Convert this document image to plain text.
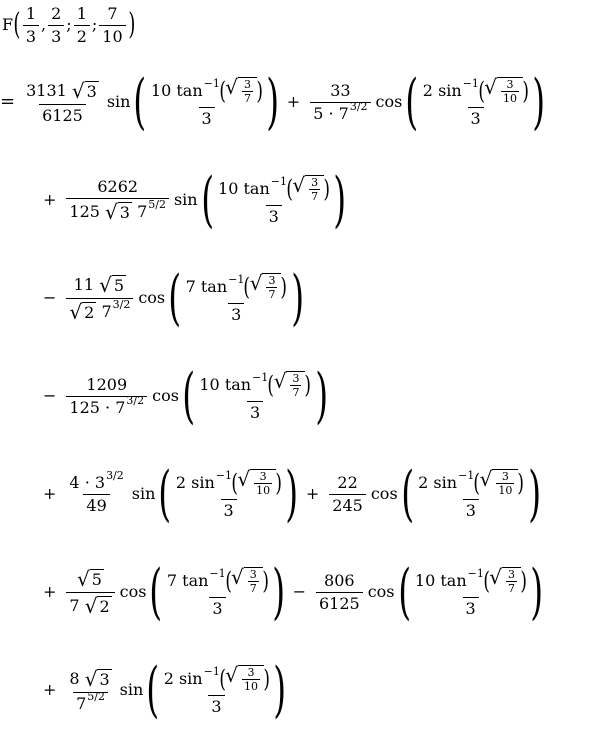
F ( $\frac{1}{3}$ , $\frac{2}{3}$ ; $\frac{1}{2}$ ; $\frac{7}{10}$ )
= 3131
√ 3
6125 sin ( 10
tan −1 ( √ $\frac{3}{7}$ )
3 ) + 33
5
·
7 3/2 cos ( 2
sin −1 ( √ $\frac{3}{10}$ )
3 )
+ 6262
125
√ 3
7 5/2 sin ( 10
tan −1 ( √ $\frac{3}{7}$ )
3 )
− 11
√ 5
√ 2
7 3/2 cos ( 7
tan −1 ( √ $\frac{3}{7}$ )
3 )
− 1209
125
·
7 3/2 cos ( 10
tan −1 ( √ $\frac{3}{7}$ )
3 )
+ 4
·
3 3/2
49 sin ( 2
sin −1 ( √ $\frac{3}{10}$ )
3 ) + $\frac{22}{245}$ cos ( 2
sin −1 ( √ $\frac{3}{10}$ )
3 )
+ √ 5
7
√ 2 cos ( 7
tan −1 ( √ $\frac{3}{7}$ )
3 ) − $\frac{806}{6125}$ cos ( 10
tan −1 ( √ $\frac{3}{7}$ )
3 )
+ 8
√ 3
7 5/2 sin ( 2
sin −1 ( √ $\frac{3}{10}$ )
3 )
